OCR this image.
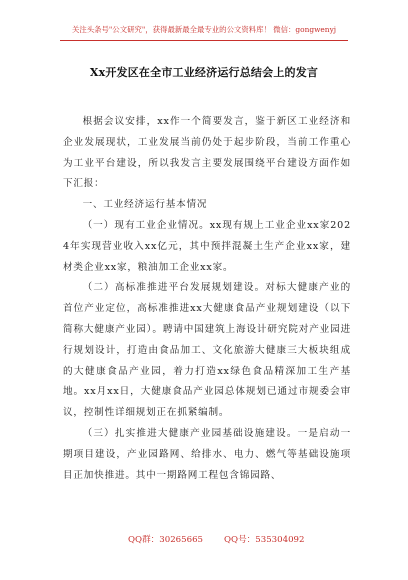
关注头条号"公文研究"，获得最新最全最专业的公文资料库！ 微信：gongwenyj
Xx开发区在全市工业经济运行总结会上的发言

根据会议安排，xx作一个简要发言，鉴于新区工业经济和企业发展现状，工业发展当前仍处于起步阶段，当前工作重心为工业平台建设，所以我发言主要发展围绕平台建设方面作如下汇报：

一、工业经济运行基本情况

（一）现有工业企业情况。xx现有规上工业企业xx家2024年实现营业收入xx亿元，其中预拌混凝土生产企业xx家，建材类企业xx家，粮油加工企业xx家。

（二）高标准推进平台发展规划建设。对标大健康产业的首位产业定位，高标准推进xx大健康食品产业规划建设（以下简称大健康产业园）。聘请中国建筑上海设计研究院对产业园进行规划设计，打造由食品加工、文化旅游大健康三大板块组成的大健康食品产业园，着力打造xx绿色食品精深加工生产基地。xx月xx日，大健康食品产业园总体规划已通过市规委会审议，控制性详细规划正在抓紧编制。

（三）扎实推进大健康产业园基础设施建设。一是启动一期项目建设，产业园路网、给排水、电力、燃气等基础设施项目正加快推进。其中一期路网工程包含锦园路、

QQ群：30265665 QQ号：535304092
